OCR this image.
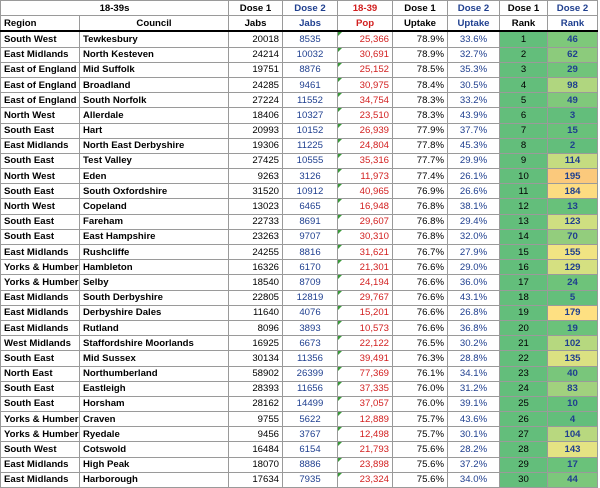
18-39s		Dose 1	Dose 2	18-39	Dose 1	Dose 2	Dose 1	Dose 2
Region	Council	Jabs	Jabs	Pop	Uptake	Uptake	Rank	Rank
South West	Tewkesbury	20018	8535	25,366	78.9%	33.6%	1	46
East Midlands	North Kesteven	24214	10032	30,691	78.9%	32.7%	2	62
East of England	Mid Suffolk	19751	8876	25,152	78.5%	35.3%	3	29
East of England	Broadland	24285	9461	30,975	78.4%	30.5%	4	98
East of England	South Norfolk	27224	11552	34,754	78.3%	33.2%	5	49
North West	Allerdale	18406	10327	23,510	78.3%	43.9%	6	3
South East	Hart	20993	10152	26,939	77.9%	37.7%	7	15
East Midlands	North East Derbyshire	19306	11225	24,804	77.8%	45.3%	8	2
South East	Test Valley	27425	10555	35,316	77.7%	29.9%	9	114
North West	Eden	9263	3126	11,973	77.4%	26.1%	10	195
South East	South Oxfordshire	31520	10912	40,965	76.9%	26.6%	11	184
North West	Copeland	13023	6465	16,948	76.8%	38.1%	12	13
South East	Fareham	22733	8691	29,607	76.8%	29.4%	13	123
South East	East Hampshire	23263	9707	30,310	76.8%	32.0%	14	70
East Midlands	Rushcliffe	24255	8816	31,621	76.7%	27.9%	15	155
Yorks & Humber	Hambleton	16326	6170	21,301	76.6%	29.0%	16	129
Yorks & Humber	Selby	18540	8709	24,194	76.6%	36.0%	17	24
East Midlands	South Derbyshire	22805	12819	29,767	76.6%	43.1%	18	5
East Midlands	Derbyshire Dales	11640	4076	15,201	76.6%	26.8%	19	179
East Midlands	Rutland	8096	3893	10,573	76.6%	36.8%	20	19
West Midlands	Staffordshire Moorlands	16925	6673	22,122	76.5%	30.2%	21	102
South East	Mid Sussex	30134	11356	39,491	76.3%	28.8%	22	135
North East	Northumberland	58902	26399	77,369	76.1%	34.1%	23	40
South East	Eastleigh	28393	11656	37,335	76.0%	31.2%	24	83
South East	Horsham	28162	14499	37,057	76.0%	39.1%	25	10
Yorks & Humber	Craven	9755	5622	12,889	75.7%	43.6%	26	4
Yorks & Humber	Ryedale	9456	3767	12,498	75.7%	30.1%	27	104
South West	Cotswold	16484	6154	21,793	75.6%	28.2%	28	143
East Midlands	High Peak	18070	8886	23,898	75.6%	37.2%	29	17
East Midlands	Harborough	17634	7935	23,324	75.6%	34.0%	30	44
